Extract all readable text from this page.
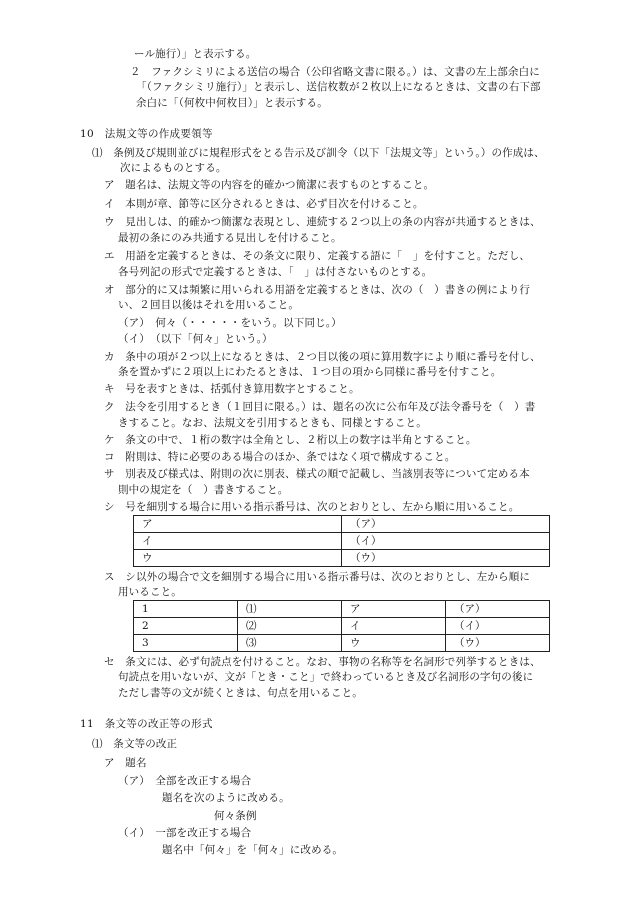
ール施行）」と表示する。

２　ファクシミリによる送信の場合（公印省略文書に限る。）は、文書の左上部余白に

「（ファクシミリ施行）」と表示し、送信枚数が２枚以上になるときは、文書の右下部

余白に「（何枚中何枚目）」と表示する。

10　法規文等の作成要領等

⑴　条例及び規則並びに規程形式をとる告示及び訓令（以下「法規文等」という。）の作成は、

次によるものとする。

ア　題名は、法規文等の内容を的確かつ簡潔に表すものとすること。

イ　本則が章、節等に区分されるときは、必ず目次を付けること。

ウ　見出しは、的確かつ簡潔な表現とし、連続する２つ以上の条の内容が共通するときは、

最初の条にのみ共通する見出しを付けること。

エ　用語を定義するときは、その条文に限り、定義する語に「　」を付すこと。ただし、

各号列記の形式で定義するときは、「　」は付さないものとする。

オ　部分的に又は頻繁に用いられる用語を定義するときは、次の（　）書きの例により行

い、２回目以後はそれを用いること。

（ア）　何々（・・・・・をいう。以下同じ。）

（イ）　（以下「何々」という。）

カ　条中の項が２つ以上になるときは、２つ目以後の項に算用数字により順に番号を付し、

条を置かずに２項以上にわたるときは、１つ目の項から同様に番号を付すこと。

キ　号を表すときは、括弧付き算用数字とすること。

ク　法令を引用するとき（１回目に限る。）は、題名の次に公布年及び法令番号を（　）書

きすること。なお、法規文を引用するときも、同様とすること。

ケ　条文の中で、１桁の数字は全角とし、２桁以上の数字は半角とすること。

コ　附則は、特に必要のある場合のほか、条ではなく項で構成すること。

サ　別表及び様式は、附則の次に別表、様式の順で記載し、当該別表等について定める本

則中の規定を（　）書きすること。

シ　号を細別する場合に用いる指示番号は、次のとおりとし、左から順に用いること。

ア	（ア）
イ	（イ）
ウ	（ウ）

ス　シ以外の場合で文を細別する場合に用いる指示番号は、次のとおりとし、左から順に

用いること。

1	⑴	ア	（ア）
2	⑵	イ	（イ）
3	⑶	ウ	（ウ）

セ　条文には、必ず句読点を付けること。なお、事物の名称等を名詞形で列挙するときは、

句読点を用いないが、文が「とき・こと」で終わっているとき及び名詞形の字句の後に

ただし書等の文が続くときは、句点を用いること。

11　条文等の改正等の形式

⑴　条文等の改正

ア　題名

（ア）　全部を改正する場合

題名を次のように改める。

何々条例

（イ）　一部を改正する場合

題名中「何々」を「何々」に改める。
